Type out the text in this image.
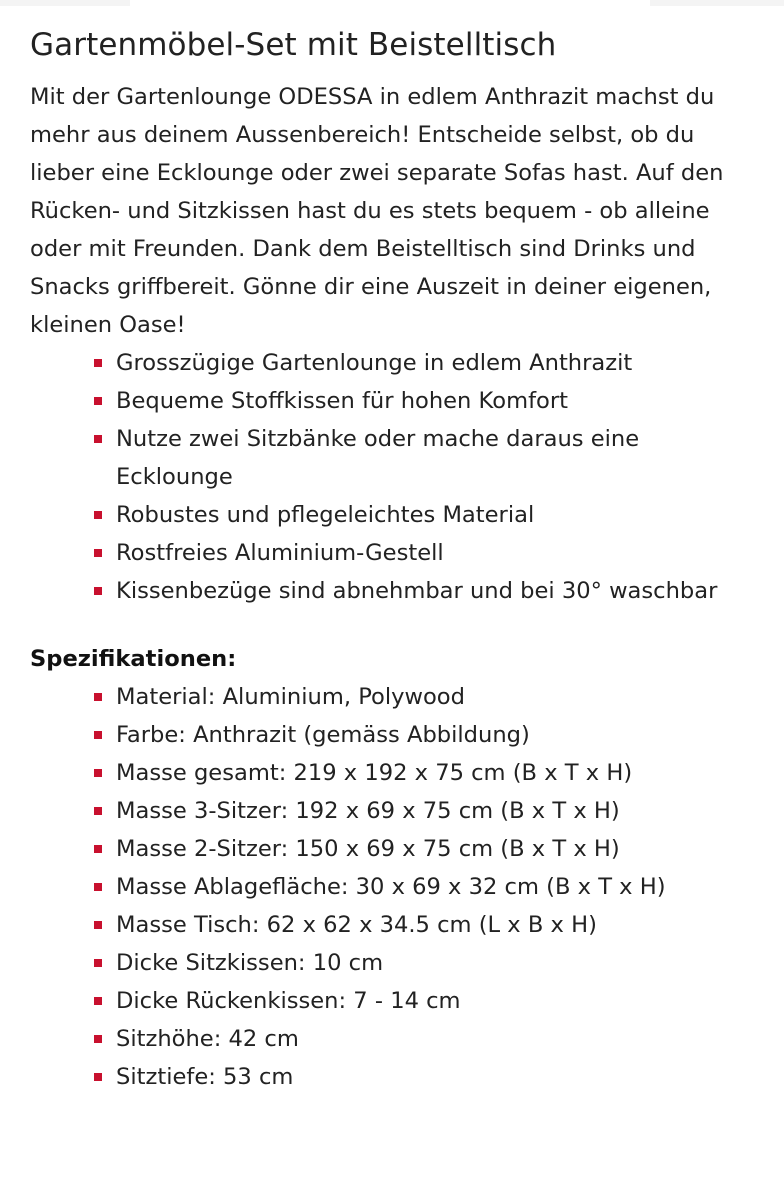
Gartenmöbel-Set mit Beistelltisch

Mit der Gartenlounge ODESSA in edlem Anthrazit machst du mehr aus deinem Aussenbereich! Entscheide selbst, ob du lieber eine Ecklounge oder zwei separate Sofas hast. Auf den Rücken- und Sitzkissen hast du es stets bequem - ob alleine oder mit Freunden. Dank dem Beistelltisch sind Drinks und Snacks griffbereit. Gönne dir eine Auszeit in deiner eigenen, kleinen Oase!

Grosszügige Gartenlounge in edlem Anthrazit
Bequeme Stoffkissen für hohen Komfort
Nutze zwei Sitzbänke oder mache daraus eine Ecklounge
Robustes und pflegeleichtes Material
Rostfreies Aluminium-Gestell
Kissenbezüge sind abnehmbar und bei 30° waschbar
Spezifikationen:
Material: Aluminium, Polywood
Farbe: Anthrazit (gemäss Abbildung)
Masse gesamt: 219 x 192 x 75 cm (B x T x H)
Masse 3-Sitzer: 192 x 69 x 75 cm (B x T x H)
Masse 2-Sitzer: 150 x 69 x 75 cm (B x T x H)
Masse Ablagefläche: 30 x 69 x 32 cm (B x T x H)
Masse Tisch: 62 x 62 x 34.5 cm (L x B x H)
Dicke Sitzkissen: 10 cm
Dicke Rückenkissen: 7 - 14 cm
Sitzhöhe: 42 cm
Sitztiefe: 53 cm
